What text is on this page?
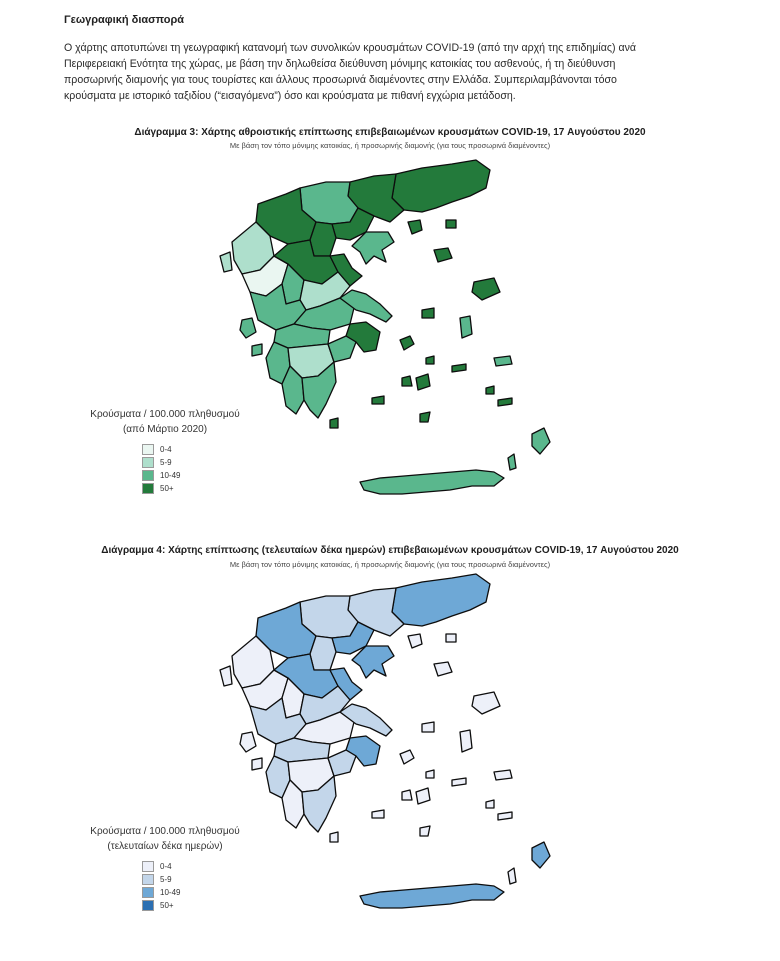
Γεωγραφική διασπορά

Ο χάρτης αποτυπώνει τη γεωγραφική κατανομή των συνολικών κρουσμάτων COVID-19 (από την αρχή της επιδημίας) ανά
Περιφερειακή Ενότητα της χώρας, με βάση την δηλωθείσα διεύθυνση μόνιμης κατοικίας του ασθενούς, ή τη διεύθυνση
προσωρινής διαμονής για τους τουρίστες και άλλους προσωρινά διαμένοντες στην Ελλάδα. Συμπεριλαμβάνονται τόσο
κρούσματα με ιστορικό ταξιδίου (“εισαγόμενα”) όσο και κρούσματα με πιθανή εγχώρια μετάδοση.

Διάγραμμα 3: Χάρτης αθροιστικής επίπτωσης επιβεβαιωμένων κρουσμάτων COVID-19, 17 Αυγούστου 2020
Με βάση τον τόπο μόνιμης κατοικίας, ή προσωρινής διαμονής (για τους προσωρινά διαμένοντες)
Κρούσματα / 100.000 πληθυσμού
(από Μάρτιο 2020)
0-4
5-9
10-49
50+
Διάγραμμα 4: Χάρτης επίπτωσης (τελευταίων δέκα ημερών) επιβεβαιωμένων κρουσμάτων COVID-19, 17 Αυγούστου 2020
Με βάση τον τόπο μόνιμης κατοικίας, ή προσωρινής διαμονής (για τους προσωρινά διαμένοντες)
Κρούσματα / 100.000 πληθυσμού
(τελευταίων δέκα ημερών)
0-4
5-9
10-49
50+
